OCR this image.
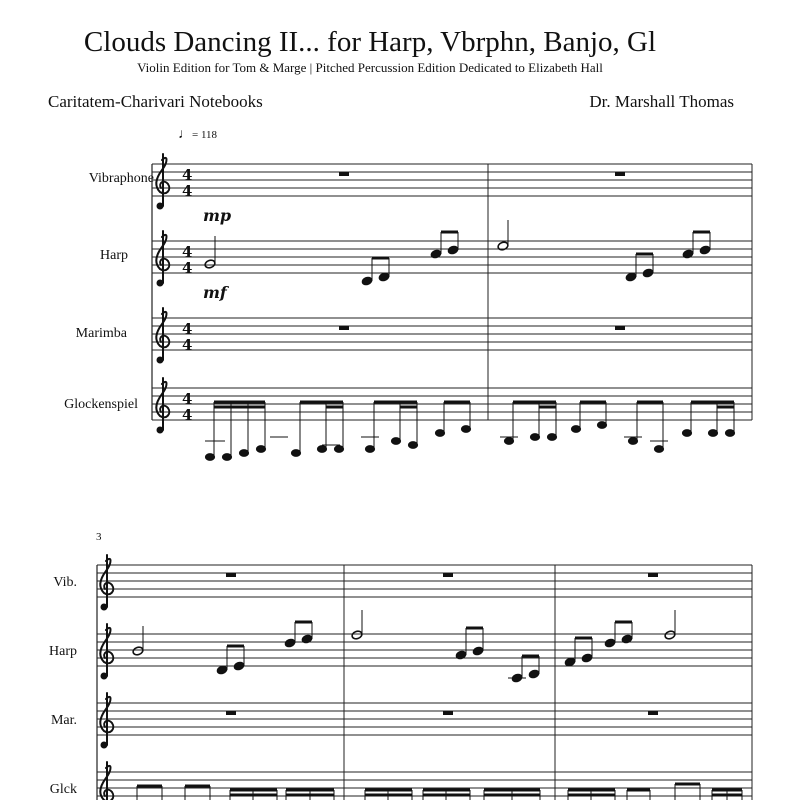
Clouds Dancing II... for Harp, Vbrphn, Banjo, Gl
Violin Edition for Tom & Marge | Pitched Percussion Edition Dedicated to Elizabeth Hall
Caritatem-Charivari Notebooks	Dr. Marshall Thomas
♩= 118
Vibraphone
Harp
Marimba
Glockenspiel
mp
mf
3
Vib.
Harp
Mar.
Glck
4
4
4
4
4
4
4
4
